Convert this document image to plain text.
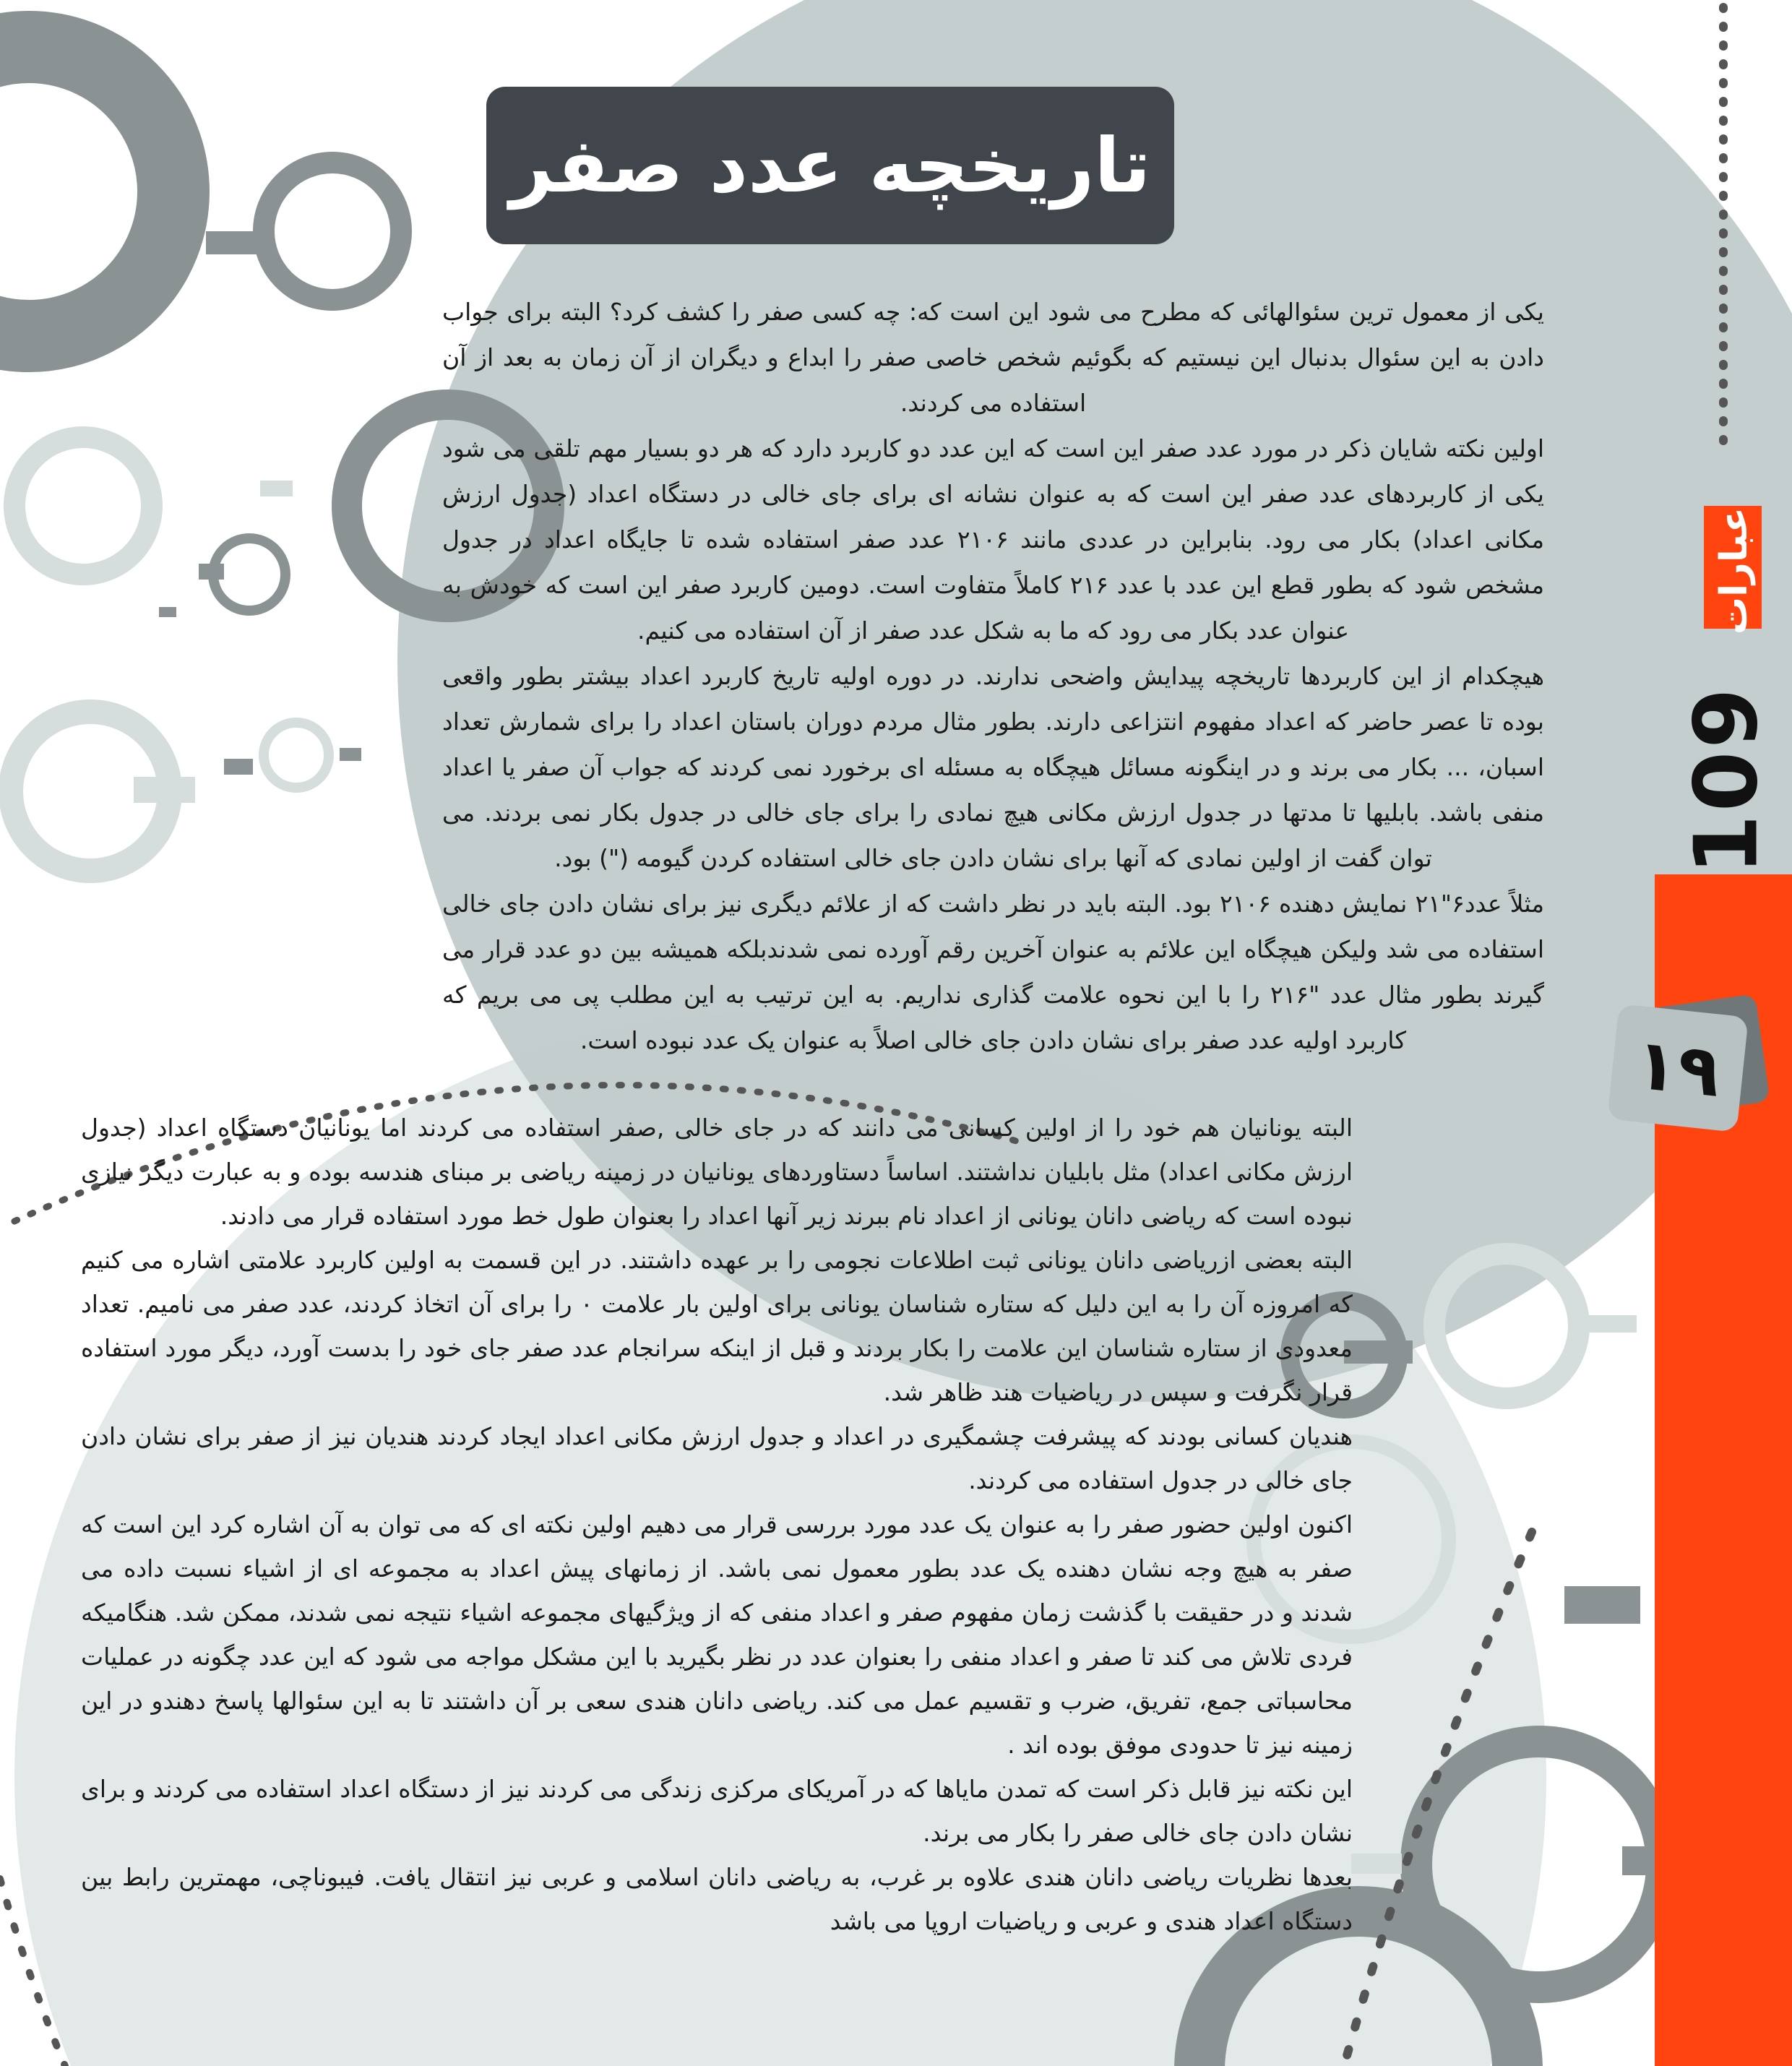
۱۹
عبارات
109
تاریخچه عدد صفر

یکی از معمول ترین سئوالهائی که مطرح می شود این است که: چه کسی صفر را کشف کرد؟ البته برای جواب دادن به این سئوال بدنبال این نیستیم که بگوئیم شخص خاصی صفر را ابداع و دیگران از آن زمان به بعد از آن استفاده می کردند.

اولین نکته شایان ذکر در مورد عدد صفر این است که این عدد دو کاربرد دارد که هر دو بسیار مهم تلقی می شود یکی از کاربردهای عدد صفر این است که به عنوان نشانه ای برای جای خالی در دستگاه اعداد (جدول ارزش مکانی اعداد) بکار می رود. بنابراین در عددی مانند ۲۱۰۶ عدد صفر استفاده شده تا جایگاه اعداد در جدول مشخص شود که بطور قطع این عدد با عدد ۲۱۶ کاملاً متفاوت است. دومین کاربرد صفر این است که خودش به عنوان عدد بکار می رود که ما به شکل عدد صفر از آن استفاده می کنیم.

هیچکدام از این کاربردها تاریخچه پیدایش واضحی ندارند. در دوره اولیه تاریخ کاربرد اعداد بیشتر بطور واقعی بوده تا عصر حاضر که اعداد مفهوم انتزاعی دارند. بطور مثال مردم دوران باستان اعداد را برای شمارش تعداد اسبان، ... بکار می برند و در اینگونه مسائل هیچگاه به مسئله ای برخورد نمی کردند که جواب آن صفر یا اعداد منفی باشد. بابلیها تا مدتها در جدول ارزش مکانی هیچ نمادی را برای جای خالی در جدول بکار نمی بردند. می توان گفت از اولین نمادی که آنها برای نشان دادن جای خالی استفاده کردن گیومه (") بود.

مثلاً عدد۶"۲۱ نمایش دهنده ۲۱۰۶ بود. البته باید در نظر داشت که از علائم دیگری نیز برای نشان دادن جای خالی استفاده می شد ولیکن هیچگاه این علائم به عنوان آخرین رقم آورده نمی شدندبلکه همیشه بین دو عدد قرار می گیرند بطور مثال عدد "۲۱۶ را با این نحوه علامت گذاری نداریم. به این ترتیب به این مطلب پی می بریم که کاربرد اولیه عدد صفر برای نشان دادن جای خالی اصلاً به عنوان یک عدد نبوده است.

البته یونانیان هم خود را از اولین کسانی می دانند که در جای خالی ,صفر استفاده می کردند اما یونانیان دستگاه اعداد (جدول ارزش مکانی اعداد) مثل بابلیان نداشتند. اساساً دستاوردهای یونانیان در زمینه ریاضی بر مبنای هندسه بوده و به عبارت دیگر نیازی نبوده است که ریاضی دانان یونانی از اعداد نام ببرند زیر آنها اعداد را بعنوان طول خط مورد استفاده قرار می دادند.

البته بعضی ازریاضی دانان یونانی ثبت اطلاعات نجومی را بر عهده داشتند. در این قسمت به اولین کاربرد علامتی اشاره می کنیم که امروزه آن را به این دلیل که ستاره شناسان یونانی برای اولین بار علامت ۰ را برای آن اتخاذ کردند، عدد صفر می نامیم. تعداد معدودی از ستاره شناسان این علامت را بکار بردند و قبل از اینکه سرانجام عدد صفر جای خود را بدست آورد، دیگر مورد استفاده قرار نگرفت و سپس در ریاضیات هند ظاهر شد.

هندیان کسانی بودند که پیشرفت چشمگیری در اعداد و جدول ارزش مکانی اعداد ایجاد کردند هندیان نیز از صفر برای نشان دادن جای خالی در جدول استفاده می کردند.

اکنون اولین حضور صفر را به عنوان یک عدد مورد بررسی قرار می دهیم اولین نکته ای که می توان به آن اشاره کرد این است که صفر به هیچ وجه نشان دهنده یک عدد بطور معمول نمی باشد. از زمانهای پیش اعداد به مجموعه ای از اشیاء نسبت داده می شدند و در حقیقت با گذشت زمان مفهوم صفر و اعداد منفی که از ویژگیهای مجموعه اشیاء نتیجه نمی شدند، ممکن شد. هنگامیکه فردی تلاش می کند تا صفر و اعداد منفی را بعنوان عدد در نظر بگیرید با این مشکل مواجه می شود که این عدد چگونه در عملیات محاسباتی جمع، تفریق، ضرب و تقسیم عمل می کند. ریاضی دانان هندی سعی بر آن داشتند تا به این سئوالها پاسخ دهندو در این زمینه نیز تا حدودی موفق بوده اند .

این نکته نیز قابل ذکر است که تمدن مایاها که در آمریکای مرکزی زندگی می کردند نیز از دستگاه اعداد استفاده می کردند و برای نشان دادن جای خالی صفر را بکار می برند.

بعدها نظریات ریاضی دانان هندی علاوه بر غرب، به ریاضی دانان اسلامی و عربی نیز انتقال یافت. فیبوناچی، مهمترین رابط بین دستگاه اعداد هندی و عربی و ریاضیات اروپا می باشد
